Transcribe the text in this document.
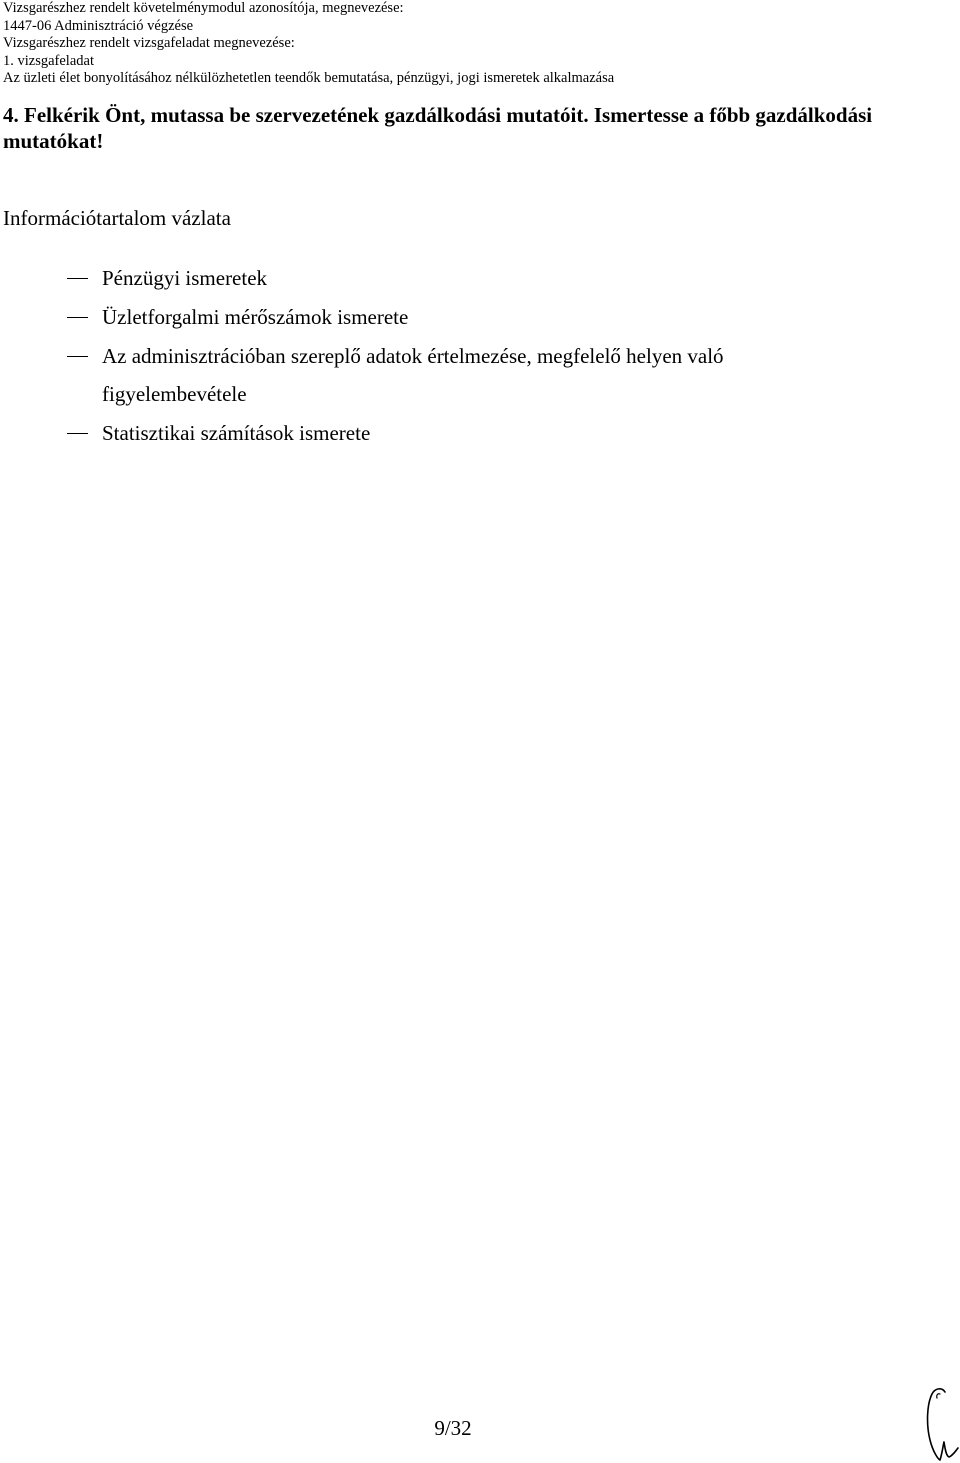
Vizsgarészhez rendelt követelménymodul azonosítója, megnevezése:
1447-06 Adminisztráció végzése
Vizsgarészhez rendelt vizsgafeladat megnevezése:
1. vizsgafeladat
Az üzleti élet bonyolításához nélkülözhetetlen teendők bemutatása, pénzügyi, jogi ismeretek alkalmazása
4. Felkérik Önt, mutassa be szervezetének gazdálkodási mutatóit. Ismertesse a főbb gazdálkodási mutatókat!
Információtartalom vázlata
Pénzügyi ismeretek
Üzletforgalmi mérőszámok ismerete
Az adminisztrációban szereplő adatok értelmezése, megfelelő helyen való figyelembevétele
Statisztikai számítások ismerete
9/32
